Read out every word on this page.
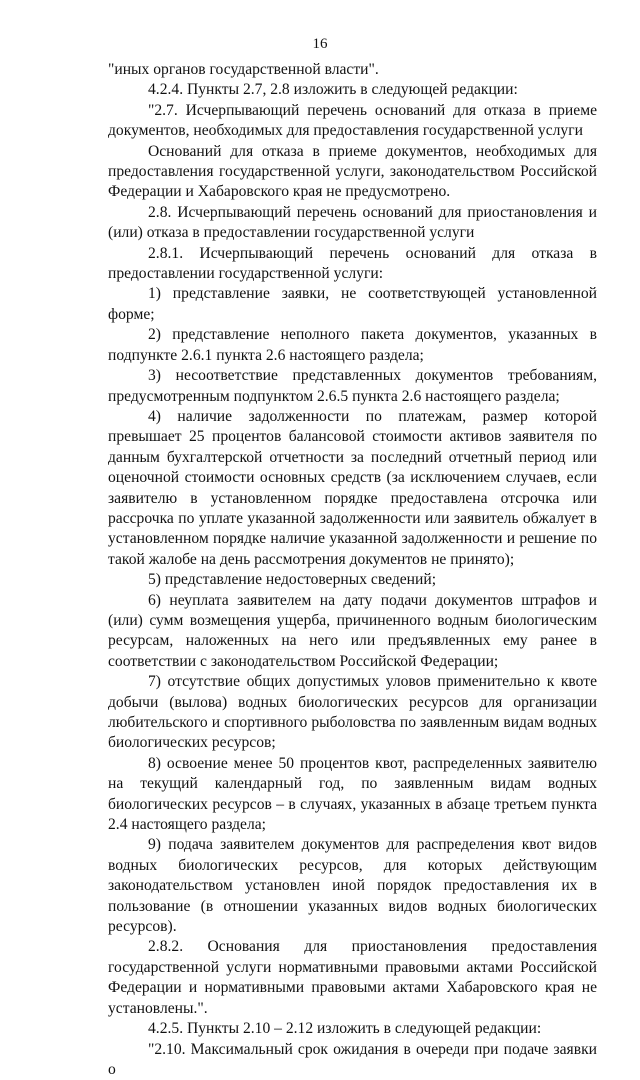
16

"иных органов государственной власти".

4.2.4. Пункты 2.7, 2.8 изложить в следующей редакции:

"2.7. Исчерпывающий перечень оснований для отказа в приеме документов, необходимых для предоставления государственной услуги

Оснований для отказа в приеме документов, необходимых для предоставления государственной услуги, законодательством Российской Федерации и Хабаровского края не предусмотрено.

2.8. Исчерпывающий перечень оснований для приостановления и (или) отказа в предоставлении государственной услуги

2.8.1. Исчерпывающий перечень оснований для отказа в предоставлении государственной услуги:

1) представление заявки, не соответствующей установленной форме;

2) представление неполного пакета документов, указанных в подпункте 2.6.1 пункта 2.6 настоящего раздела;

3) несоответствие представленных документов требованиям, предусмотренным подпунктом 2.6.5 пункта 2.6 настоящего раздела;

4) наличие задолженности по платежам, размер которой превышает 25 процентов балансовой стоимости активов заявителя по данным бухгалтерской отчетности за последний отчетный период или оценочной стоимости основных средств (за исключением случаев, если заявителю в установленном порядке предоставлена отсрочка или рассрочка по уплате указанной задолженности или заявитель обжалует в установленном порядке наличие указанной задолженности и решение по такой жалобе на день рассмотрения документов не принято);

5) представление недостоверных сведений;

6) неуплата заявителем на дату подачи документов штрафов и (или) сумм возмещения ущерба, причиненного водным биологическим ресурсам, наложенных на него или предъявленных ему ранее в соответствии с законодательством Российской Федерации;

7) отсутствие общих допустимых уловов применительно к квоте добычи (вылова) водных биологических ресурсов для организации любительского и спортивного рыболовства по заявленным видам водных биологических ресурсов;

8) освоение менее 50 процентов квот, распределенных заявителю на текущий календарный год, по заявленным видам водных биологических ресурсов – в случаях, указанных в абзаце третьем пункта 2.4 настоящего раздела;

9) подача заявителем документов для распределения квот видов водных биологических ресурсов, для которых действующим законодательством установлен иной порядок предоставления их в пользование (в отношении указанных видов водных биологических ресурсов).

2.8.2. Основания для приостановления предоставления государственной услуги нормативными правовыми актами Российской Федерации и нормативными правовыми актами Хабаровского края не установлены.".

4.2.5. Пункты 2.10 – 2.12 изложить в следующей редакции:

"2.10. Максимальный срок ожидания в очереди при подаче заявки о
